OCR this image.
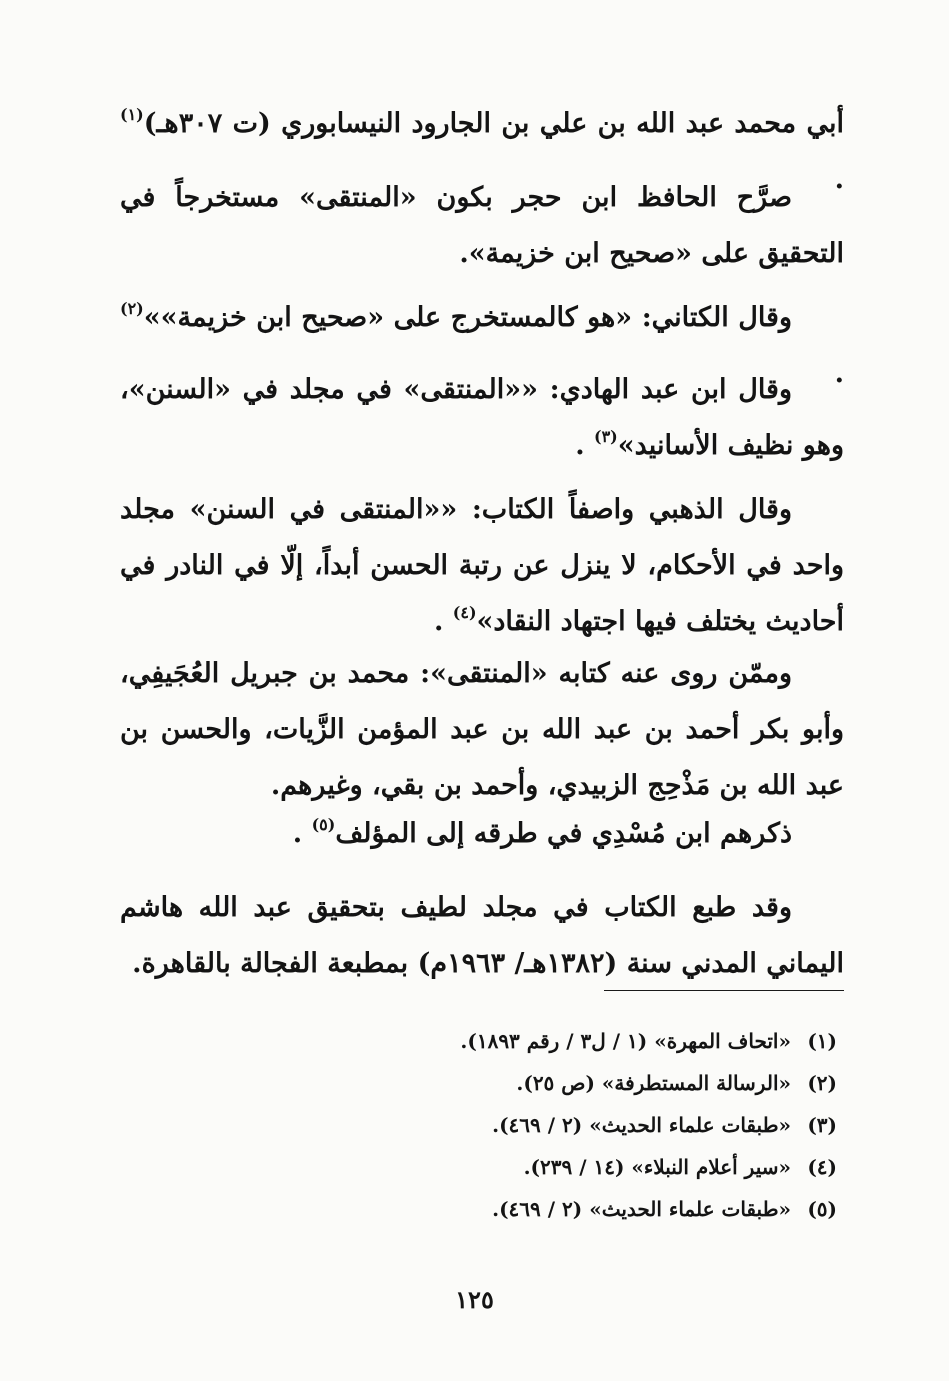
أبي محمد عبد الله بن علي بن الجارود النيسابوري (ت ٣٠٧هـ)$^{(١)}$ .
صرَّح الحافظ ابن حجر بكون «المنتقى» مستخرجاً في التحقيق على «صحيح ابن خزيمة».
وقال الكتاني: «هو كالمستخرج على «صحيح ابن خزيمة»»$^{(٢)}$ .
وقال ابن عبد الهادي: ««المنتقى» في مجلد في «السنن»، وهو نظيف الأسانيد»$^{(٣)}$ .
وقال الذهبي واصفاً الكتاب: ««المنتقى في السنن» مجلد واحد في الأحكام، لا ينزل عن رتبة الحسن أبداً، إلّا في النادر في أحاديث يختلف فيها اجتهاد النقاد»$^{(٤)}$ .
وممّن روى عنه كتابه «المنتقى»: محمد بن جبريل العُجَيفِي، وأبو بكر أحمد بن عبد الله بن عبد المؤمن الزَّيات، والحسن بن عبد الله بن مَذْحِج الزبيدي، وأحمد بن بقي، وغيرهم.
ذكرهم ابن مُسْدِي في طرقه إلى المؤلف$^{(٥)}$ .
وقد طبع الكتاب في مجلد لطيف بتحقيق عبد الله هاشم اليماني المدني سنة (١٣٨٢هـ/ ١٩٦٣م) بمطبعة الفجالة بالقاهرة.
(١)«اتحاف المهرة» (١ / ل٣ / رقم ١٨٩٣).
(٢)«الرسالة المستطرفة» (ص ٢٥).
(٣)«طبقات علماء الحديث» (٢ / ٤٦٩).
(٤)«سير أعلام النبلاء» (١٤ / ٢٣٩).
(٥)«طبقات علماء الحديث» (٢ / ٤٦٩).
١٢٥
